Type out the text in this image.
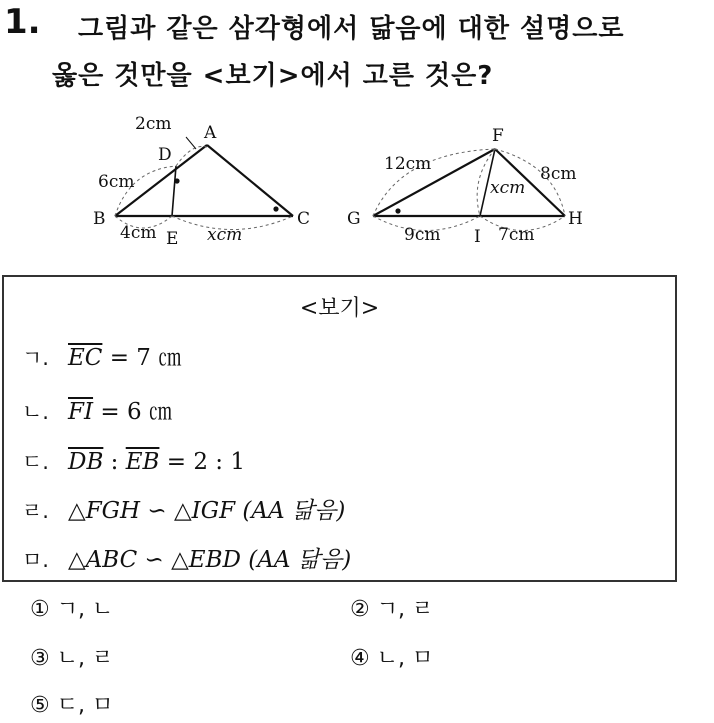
1. 그림과 같은 삼각형에서 닮음에 대한 설명으로
옳은 것만을 <보기>에서 고른 것은?
A
B	C
D
E
2cm
6cm
4cm	xcm
F
G	H
I
12cm	8cm
xcm
9cm	7cm
<보기>
ㄱ. $\overline{EC} = 7$ ㎝
ㄴ. $\overline{FI} = 6$ ㎝
ㄷ. $\overline{DB}$ : $\overline{EB} = 2$ : 1
ㄹ. △FGH ∽ △IGF (AA 닮음)
ㅁ. △ABC ∽ △EBD (AA 닮음)
① ㄱ, ㄴ	② ㄱ, ㄹ
③ ㄴ, ㄹ	④ ㄴ, ㅁ
⑤ ㄷ, ㅁ
